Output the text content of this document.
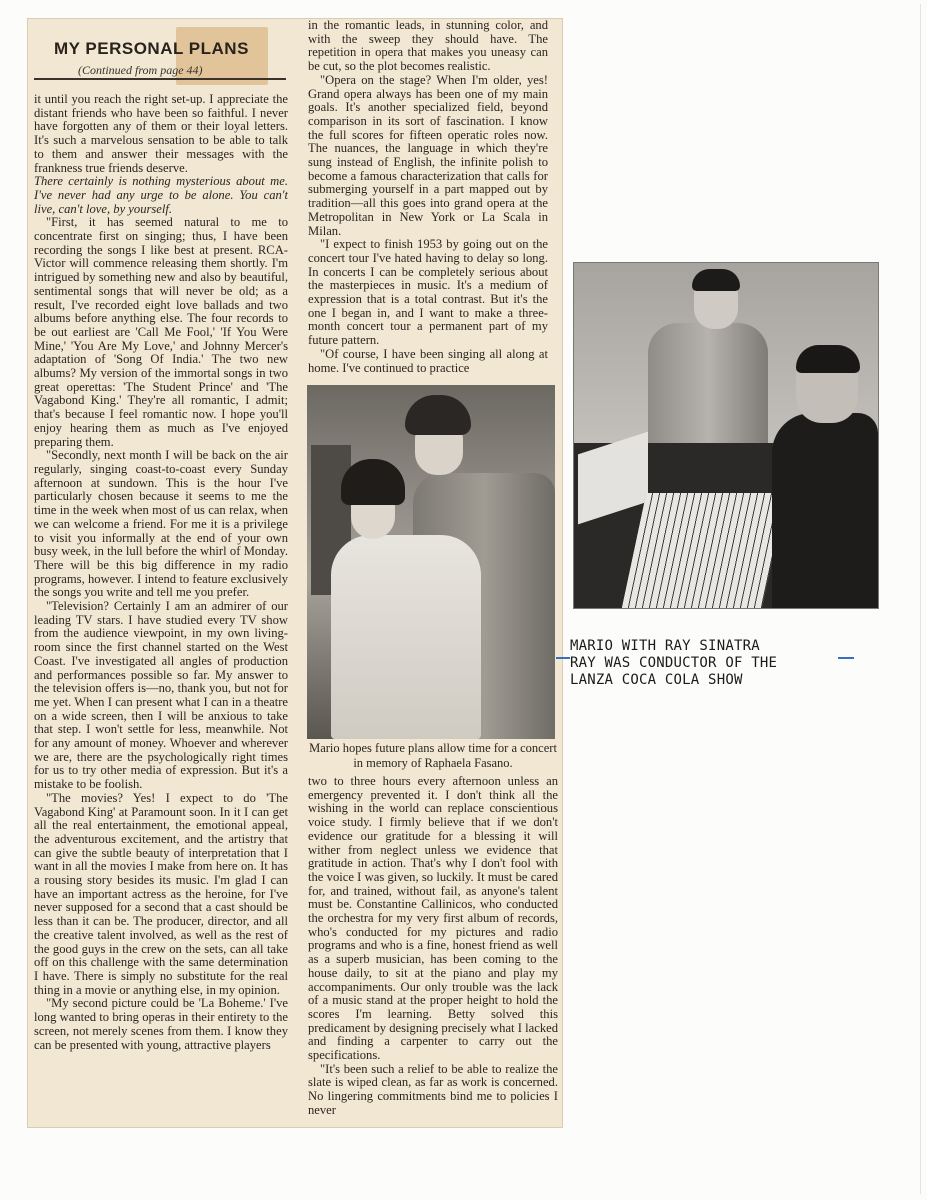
MY PERSONAL PLANS
(Continued from page 44)

it until you reach the right set-up. I appreciate the distant friends who have been so faithful. I never have forgotten any of them or their loyal letters. It's such a marvelous sensation to be able to talk to them and answer their messages with the frankness true friends deserve.

There certainly is nothing mysterious about me. I've never had any urge to be alone. You can't live, can't love, by yourself.

"First, it has seemed natural to me to concentrate first on singing; thus, I have been recording the songs I like best at present. RCA-Victor will commence releasing them shortly. I'm intrigued by something new and also by beautiful, sentimental songs that will never be old; as a result, I've recorded eight love ballads and two albums before anything else. The four records to be out earliest are 'Call Me Fool,' 'If You Were Mine,' 'You Are My Love,' and Johnny Mercer's adaptation of 'Song Of India.' The two new albums? My version of the immortal songs in two great operettas: 'The Student Prince' and 'The Vagabond King.' They're all romantic, I admit; that's because I feel romantic now. I hope you'll enjoy hearing them as much as I've enjoyed preparing them.

"Secondly, next month I will be back on the air regularly, singing coast-to-coast every Sunday afternoon at sundown. This is the hour I've particularly chosen because it seems to me the time in the week when most of us can relax, when we can welcome a friend. For me it is a privilege to visit you informally at the end of your own busy week, in the lull before the whirl of Monday. There will be this big difference in my radio programs, however. I intend to feature exclusively the songs you write and tell me you prefer.

"Television? Certainly I am an admirer of our leading TV stars. I have studied every TV show from the audience viewpoint, in my own living-room since the first channel started on the West Coast. I've investigated all angles of production and performances possible so far. My answer to the television offers is—no, thank you, but not for me yet. When I can present what I can in a theatre on a wide screen, then I will be anxious to take that step. I won't settle for less, meanwhile. Not for any amount of money. Whoever and wherever we are, there are the psychologically right times for us to try other media of expression. But it's a mistake to be foolish.

"The movies? Yes! I expect to do 'The Vagabond King' at Paramount soon. In it I can get all the real entertainment, the emotional appeal, the adventurous excitement, and the artistry that can give the subtle beauty of interpretation that I want in all the movies I make from here on. It has a rousing story besides its music. I'm glad I can have an important actress as the heroine, for I've never supposed for a second that a cast should be less than it can be. The producer, director, and all the creative talent involved, as well as the rest of the good guys in the crew on the sets, can all take off on this challenge with the same determination I have. There is simply no substitute for the real thing in a movie or anything else, in my opinion.

"My second picture could be 'La Boheme.' I've long wanted to bring operas in their entirety to the screen, not merely scenes from them. I know they can be presented with young, attractive players

in the romantic leads, in stunning color, and with the sweep they should have. The repetition in opera that makes you uneasy can be cut, so the plot becomes realistic.

"Opera on the stage? When I'm older, yes! Grand opera always has been one of my main goals. It's another specialized field, beyond comparison in its sort of fascination. I know the full scores for fifteen operatic roles now. The nuances, the language in which they're sung instead of English, the infinite polish to become a famous characterization that calls for submerging yourself in a part mapped out by tradition—all this goes into grand opera at the Metropolitan in New York or La Scala in Milan.

"I expect to finish 1953 by going out on the concert tour I've hated having to delay so long. In concerts I can be completely serious about the masterpieces in music. It's a medium of expression that is a total contrast. But it's the one I began in, and I want to make a three-month concert tour a permanent part of my future pattern.

"Of course, I have been singing all along at home. I've continued to practice

Mario hopes future plans allow time for a concert in memory of Raphaela Fasano.

two to three hours every afternoon unless an emergency prevented it. I don't think all the wishing in the world can replace conscientious voice study. I firmly believe that if we don't evidence our gratitude for a blessing it will wither from neglect unless we evidence that gratitude in action. That's why I don't fool with the voice I was given, so luckily. It must be cared for, and trained, without fail, as anyone's talent must be. Constantine Callinicos, who conducted the orchestra for my very first album of records, who's conducted for my pictures and radio programs and who is a fine, honest friend as well as a superb musician, has been coming to the house daily, to sit at the piano and play my accompaniments. Our only trouble was the lack of a music stand at the proper height to hold the scores I'm learning. Betty solved this predicament by designing precisely what I lacked and finding a carpenter to carry out the specifications.

"It's been such a relief to be able to realize the slate is wiped clean, as far as work is concerned. No lingering commitments bind me to policies I never

MARIO WITH RAY SINATRA
RAY WAS CONDUCTOR OF THE
LANZA COCA COLA SHOW
